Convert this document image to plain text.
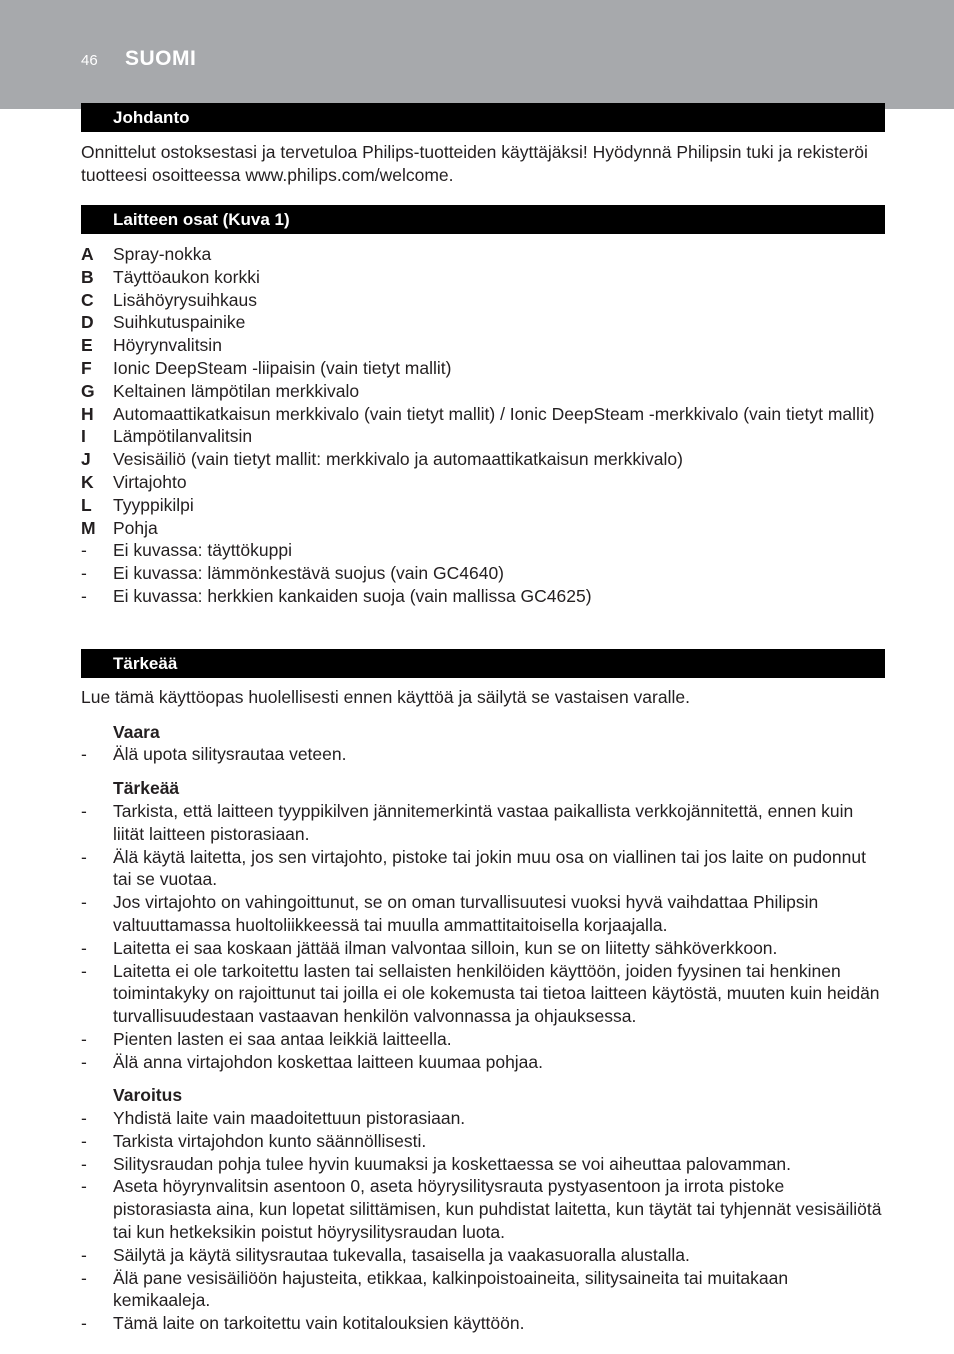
46 SUOMI
Johdanto

Onnittelut ostoksestasi ja tervetuloa Philips-tuotteiden käyttäjäksi! Hyödynnä Philipsin tuki ja rekisteröi tuotteesi osoitteessa www.philips.com/welcome.

Laitteen osat (Kuva 1)
A Spray-nokka
B Täyttöaukon korkki
C Lisähöyrysuihkaus
D Suihkutuspainike
E Höyrynvalitsin
F Ionic DeepSteam -liipaisin (vain tietyt mallit)
G Keltainen lämpötilan merkkivalo
H Automaattikatkaisun merkkivalo (vain tietyt mallit) / Ionic DeepSteam -merkkivalo (vain tietyt mallit)
I Lämpötilanvalitsin
J Vesisäiliö (vain tietyt mallit: merkkivalo ja automaattikatkaisun merkkivalo)
K Virtajohto
L Tyyppikilpi
M Pohja
- Ei kuvassa: täyttökuppi
- Ei kuvassa: lämmönkestävä suojus (vain GC4640)
- Ei kuvassa: herkkien kankaiden suoja (vain mallissa GC4625)
Tärkeää

Lue tämä käyttöopas huolellisesti ennen käyttöä ja säilytä se vastaisen varalle.

Vaara
- Älä upota silitysrautaa veteen.
Tärkeää
- Tarkista, että laitteen tyyppikilven jännitemerkintä vastaa paikallista verkkojännitettä, ennen kuin liität laitteen pistorasiaan.
- Älä käytä laitetta, jos sen virtajohto, pistoke tai jokin muu osa on viallinen tai jos laite on pudonnut tai se vuotaa.
- Jos virtajohto on vahingoittunut, se on oman turvallisuutesi vuoksi hyvä vaihdattaa Philipsin valtuuttamassa huoltoliikkeessä tai muulla ammattitaitoisella korjaajalla.
- Laitetta ei saa koskaan jättää ilman valvontaa silloin, kun se on liitetty sähköverkkoon.
- Laitetta ei ole tarkoitettu lasten tai sellaisten henkilöiden käyttöön, joiden fyysinen tai henkinen toimintakyky on rajoittunut tai joilla ei ole kokemusta tai tietoa laitteen käytöstä, muuten kuin heidän turvallisuudestaan vastaavan henkilön valvonnassa ja ohjauksessa.
- Pienten lasten ei saa antaa leikkiä laitteella.
- Älä anna virtajohdon koskettaa laitteen kuumaa pohjaa.
Varoitus
- Yhdistä laite vain maadoitettuun pistorasiaan.
- Tarkista virtajohdon kunto säännöllisesti.
- Silitysraudan pohja tulee hyvin kuumaksi ja koskettaessa se voi aiheuttaa palovamman.
- Aseta höyrynvalitsin asentoon 0, aseta höyrysilitysrauta pystyasentoon ja irrota pistoke pistorasiasta aina, kun lopetat silittämisen, kun puhdistat laitetta, kun täytät tai tyhjennät vesisäiliötä tai kun hetkeksikin poistut höyrysilitysraudan luota.
- Säilytä ja käytä silitysrautaa tukevalla, tasaisella ja vaakasuoralla alustalla.
- Älä pane vesisäiliöön hajusteita, etikkaa, kalkinpoistoaineita, silitysaineita tai muitakaan kemikaaleja.
- Tämä laite on tarkoitettu vain kotitalouksien käyttöön.
